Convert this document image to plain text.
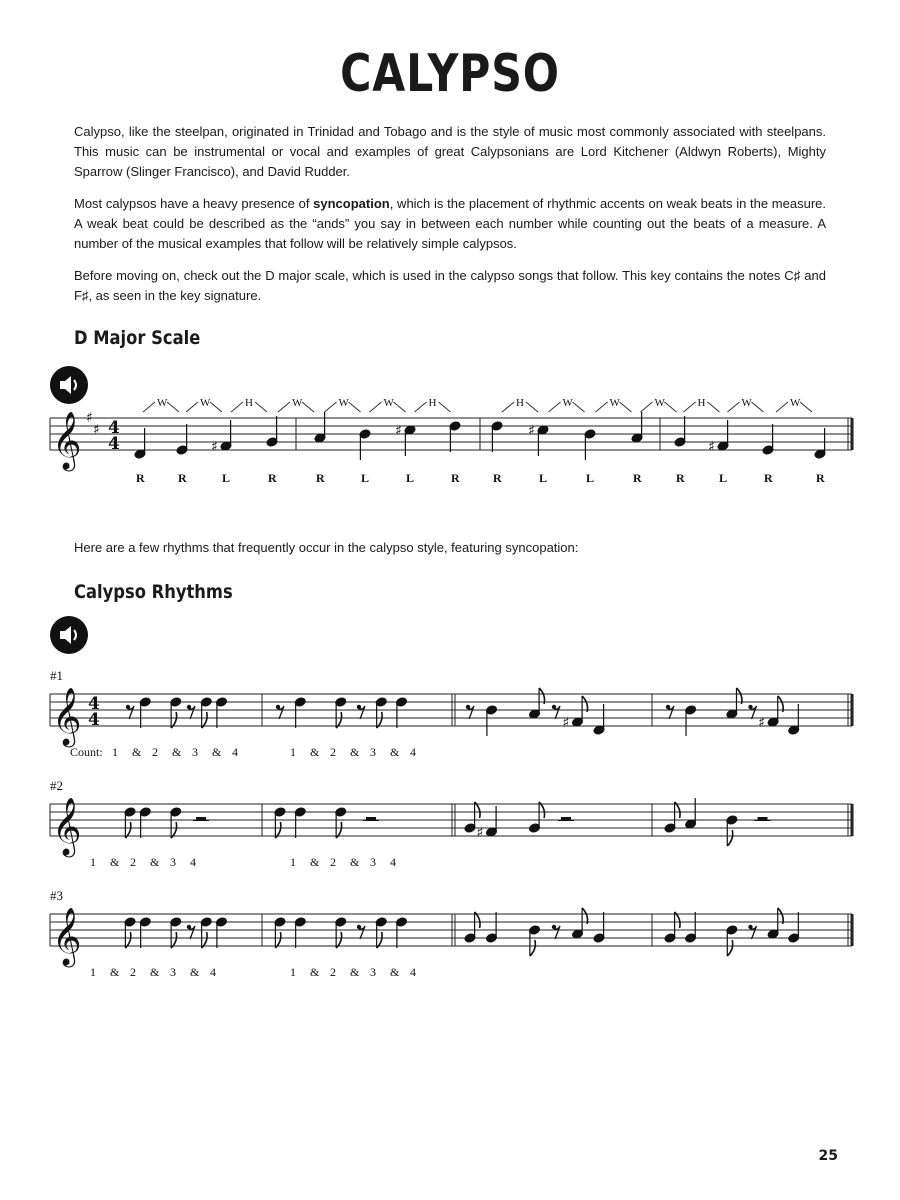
CALYPSO

Calypso, like the steelpan, originated in Trinidad and Tobago and is the style of music most commonly associated with steelpans. This music can be instrumental or vocal and examples of great Calypsonians are Lord Kitchener (Aldwyn Roberts), Mighty Sparrow (Slinger Francisco), and David Rudder.

Most calypsos have a heavy presence of syncopation, which is the placement of rhythmic accents on weak beats in the measure. A weak beat could be described as the “ands” you say in between each number while counting out the beats of a measure. A number of the musical examples that follow will be relatively simple calypsos.

Before moving on, check out the D major scale, which is used in the calypso songs that follow. This key contains the notes C♯ and F♯, as seen in the key signature.

D Major Scale
𝄞 ♯
♯ 4
4	♯
♯	♯
♯
R	R	L	R	R	L	L	R	R	L	L	R	R	L	R	R
W	W	H	W	W	W	H	H	W	W	W	H	W	W

Here are a few rhythms that frequently occur in the calypso style, featuring syncopation:

Calypso Rhythms
𝄞
#1
4
4	♯	♯
Count: 1 & 2 & 3 & 4	1 & 2 & 3 & 4
𝄞
#2
♯
1 & 2 & 3 4	1 & 2 & 3 4
𝄞
#3
1 & 2 & 3 & 4	1 & 2 & 3 & 4
25
